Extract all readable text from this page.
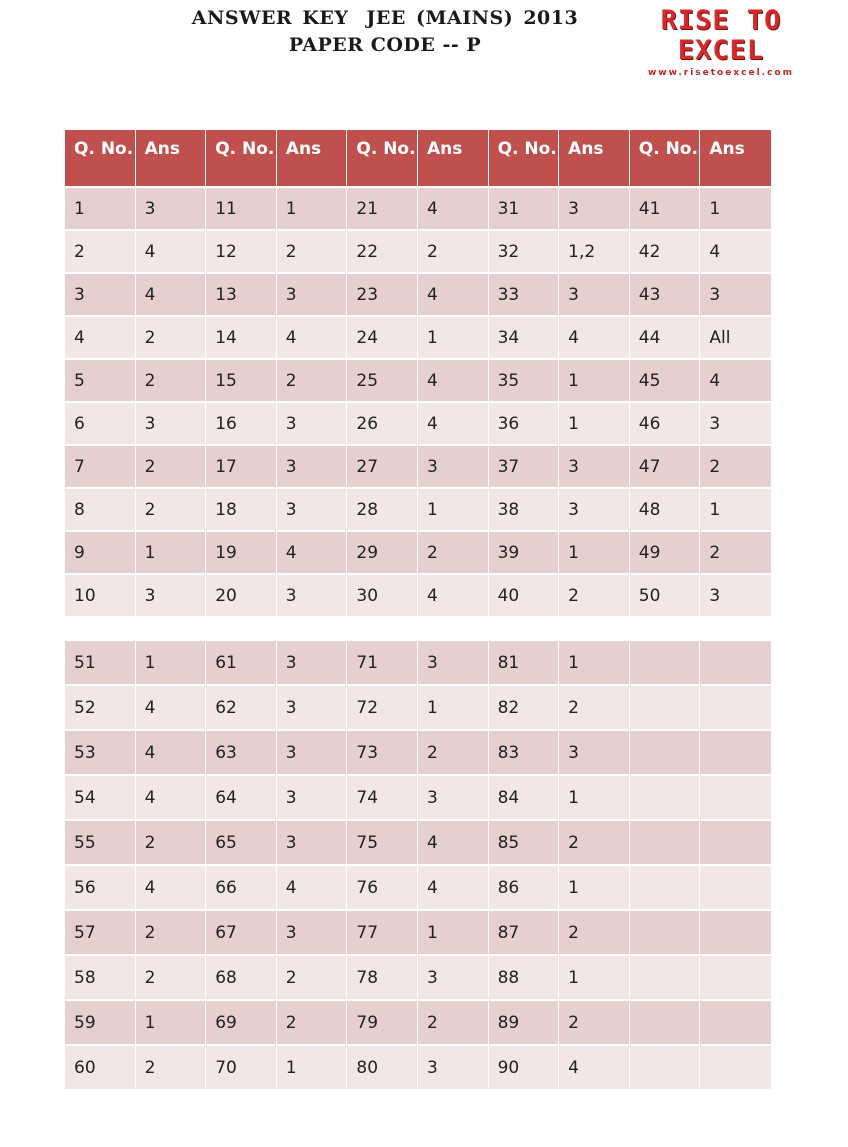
ANSWER KEY JEE (MAINS) 2013
PAPER CODE -- P
RISE TO EXCEL
www.risetoexcel.com
Q. No.	Ans	Q. No.	Ans	Q. No.	Ans	Q. No.	Ans	Q. No.	Ans
1	3	11	1	21	4	31	3	41	1
2	4	12	2	22	2	32	1,2	42	4
3	4	13	3	23	4	33	3	43	3
4	2	14	4	24	1	34	4	44	All
5	2	15	2	25	4	35	1	45	4
6	3	16	3	26	4	36	1	46	3
7	2	17	3	27	3	37	3	47	2
8	2	18	3	28	1	38	3	48	1
9	1	19	4	29	2	39	1	49	2
10	3	20	3	30	4	40	2	50	3
51	1	61	3	71	3	81	1		
52	4	62	3	72	1	82	2		
53	4	63	3	73	2	83	3		
54	4	64	3	74	3	84	1		
55	2	65	3	75	4	85	2		
56	4	66	4	76	4	86	1		
57	2	67	3	77	1	87	2		
58	2	68	2	78	3	88	1		
59	1	69	2	79	2	89	2		
60	2	70	1	80	3	90	4		
